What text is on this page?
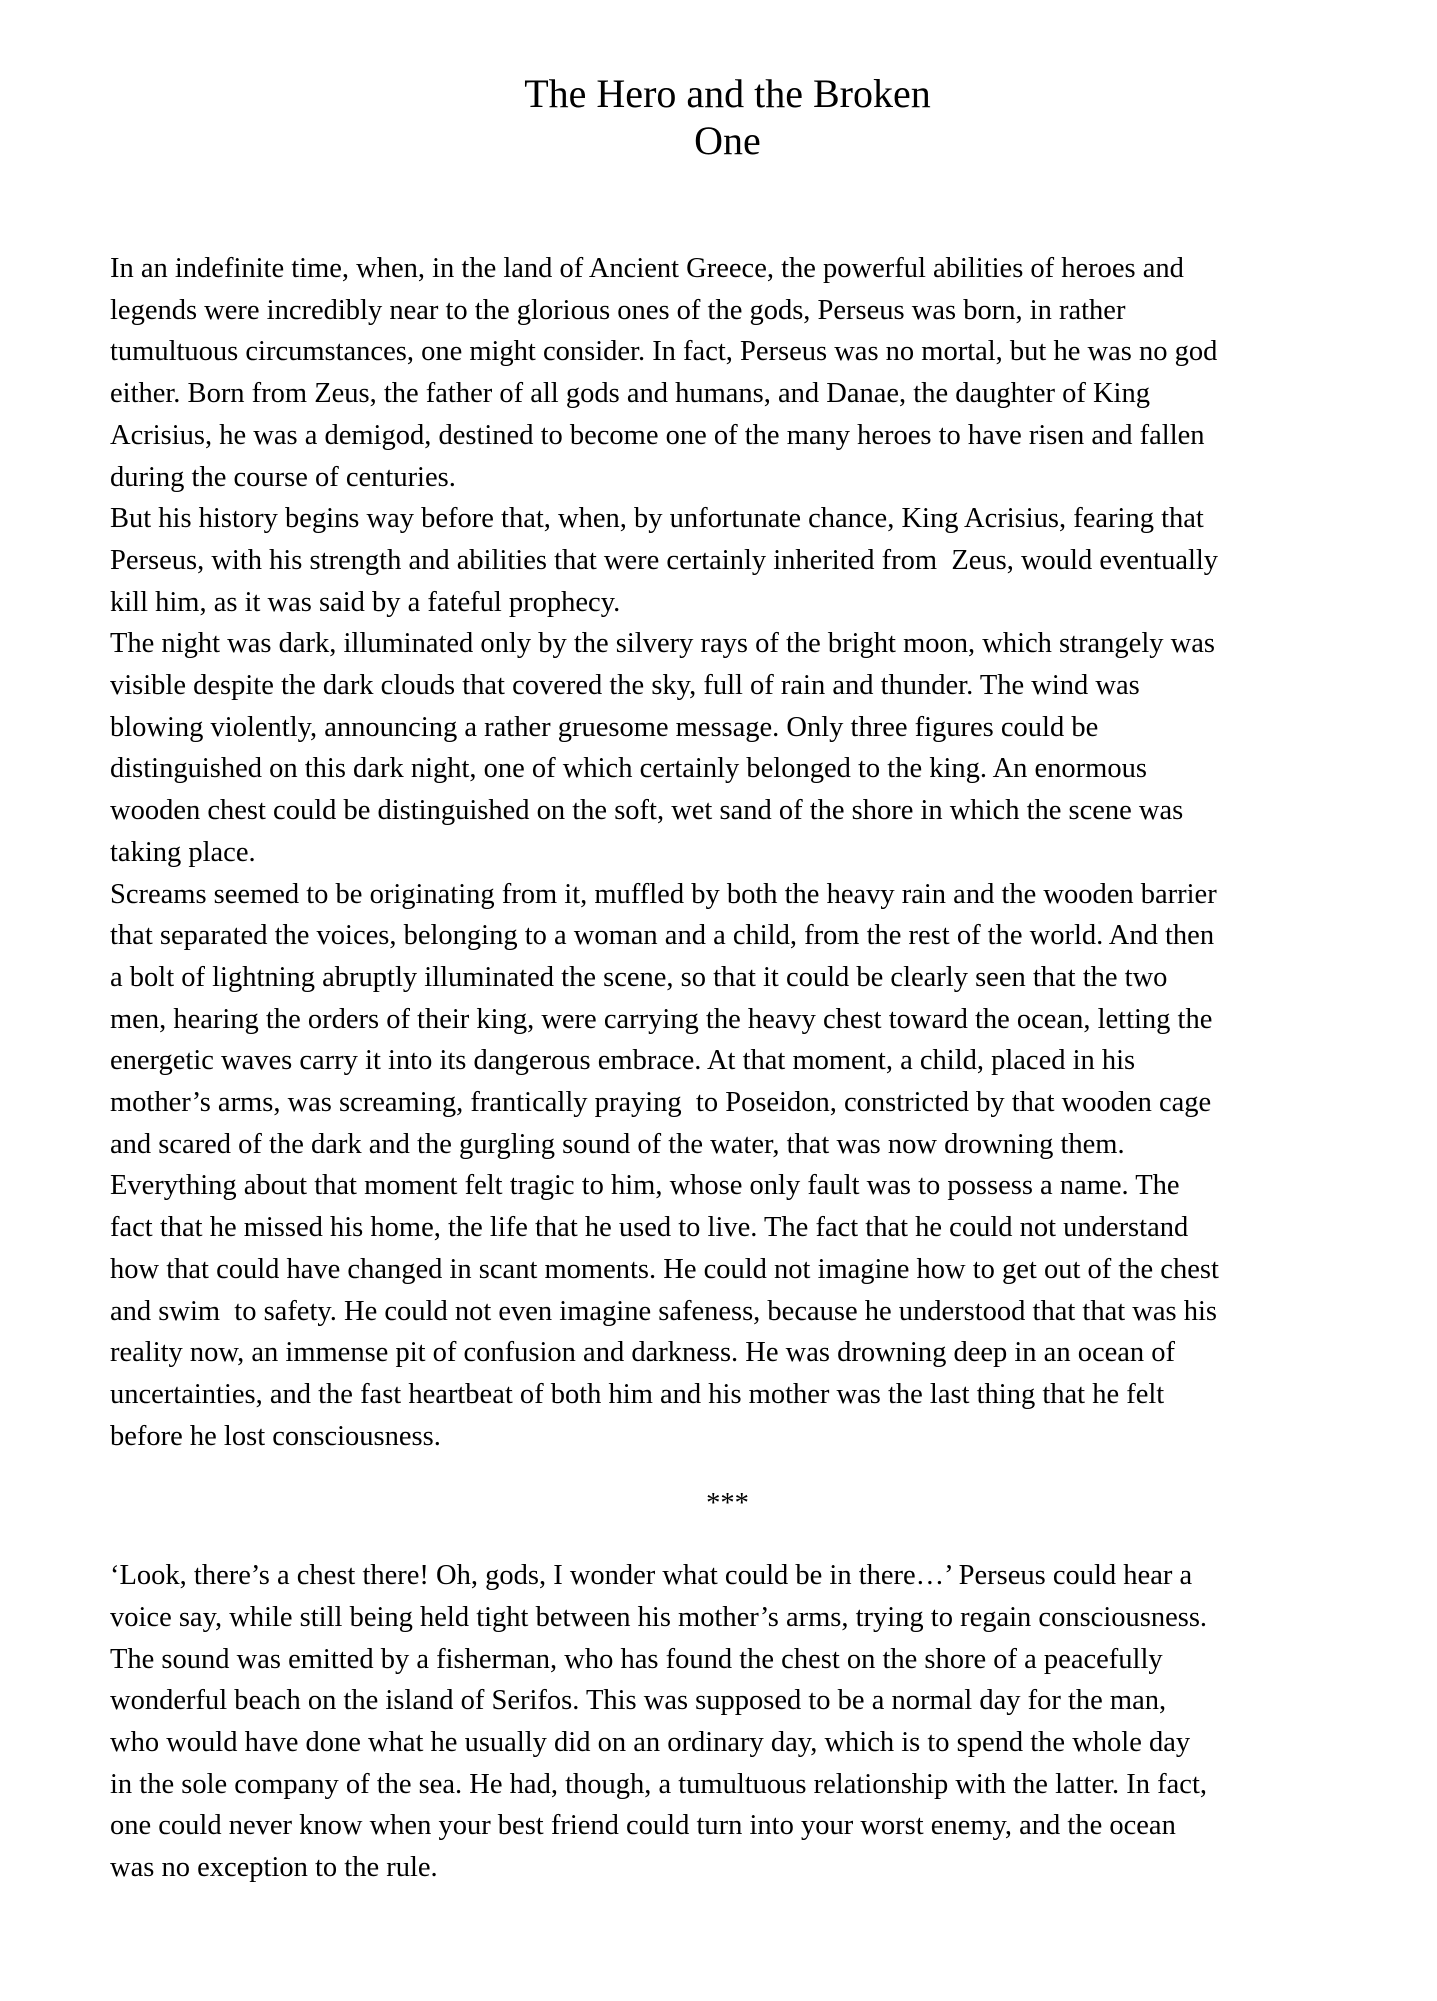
The Hero and the Broken
One
In an indefinite time, when, in the land of Ancient Greece, the powerful abilities of heroes and
legends were incredibly near to the glorious ones of the gods, Perseus was born, in rather
tumultuous circumstances, one might consider. In fact, Perseus was no mortal, but he was no god
either. Born from Zeus, the father of all gods and humans, and Danae, the daughter of King
Acrisius, he was a demigod, destined to become one of the many heroes to have risen and fallen
during the course of centuries.
But his history begins way before that, when, by unfortunate chance, King Acrisius, fearing that
Perseus, with his strength and abilities that were certainly inherited from  Zeus, would eventually
kill him, as it was said by a fateful prophecy.
The night was dark, illuminated only by the silvery rays of the bright moon, which strangely was
visible despite the dark clouds that covered the sky, full of rain and thunder. The wind was
blowing violently, announcing a rather gruesome message. Only three figures could be
distinguished on this dark night, one of which certainly belonged to the king. An enormous
wooden chest could be distinguished on the soft, wet sand of the shore in which the scene was
taking place.
Screams seemed to be originating from it, muffled by both the heavy rain and the wooden barrier
that separated the voices, belonging to a woman and a child, from the rest of the world. And then
a bolt of lightning abruptly illuminated the scene, so that it could be clearly seen that the two
men, hearing the orders of their king, were carrying the heavy chest toward the ocean, letting the
energetic waves carry it into its dangerous embrace. At that moment, a child, placed in his
mother’s arms, was screaming, frantically praying  to Poseidon, constricted by that wooden cage
and scared of the dark and the gurgling sound of the water, that was now drowning them.
Everything about that moment felt tragic to him, whose only fault was to possess a name. The
fact that he missed his home, the life that he used to live. The fact that he could not understand
how that could have changed in scant moments. He could not imagine how to get out of the chest
and swim  to safety. He could not even imagine safeness, because he understood that that was his
reality now, an immense pit of confusion and darkness. He was drowning deep in an ocean of
uncertainties, and the fast heartbeat of both him and his mother was the last thing that he felt
before he lost consciousness.
***
‘Look, there’s a chest there! Oh, gods, I wonder what could be in there…’ Perseus could hear a
voice say, while still being held tight between his mother’s arms, trying to regain consciousness.
The sound was emitted by a fisherman, who has found the chest on the shore of a peacefully
wonderful beach on the island of Serifos. This was supposed to be a normal day for the man,
who would have done what he usually did on an ordinary day, which is to spend the whole day
in the sole company of the sea. He had, though, a tumultuous relationship with the latter. In fact,
one could never know when your best friend could turn into your worst enemy, and the ocean
was no exception to the rule.
